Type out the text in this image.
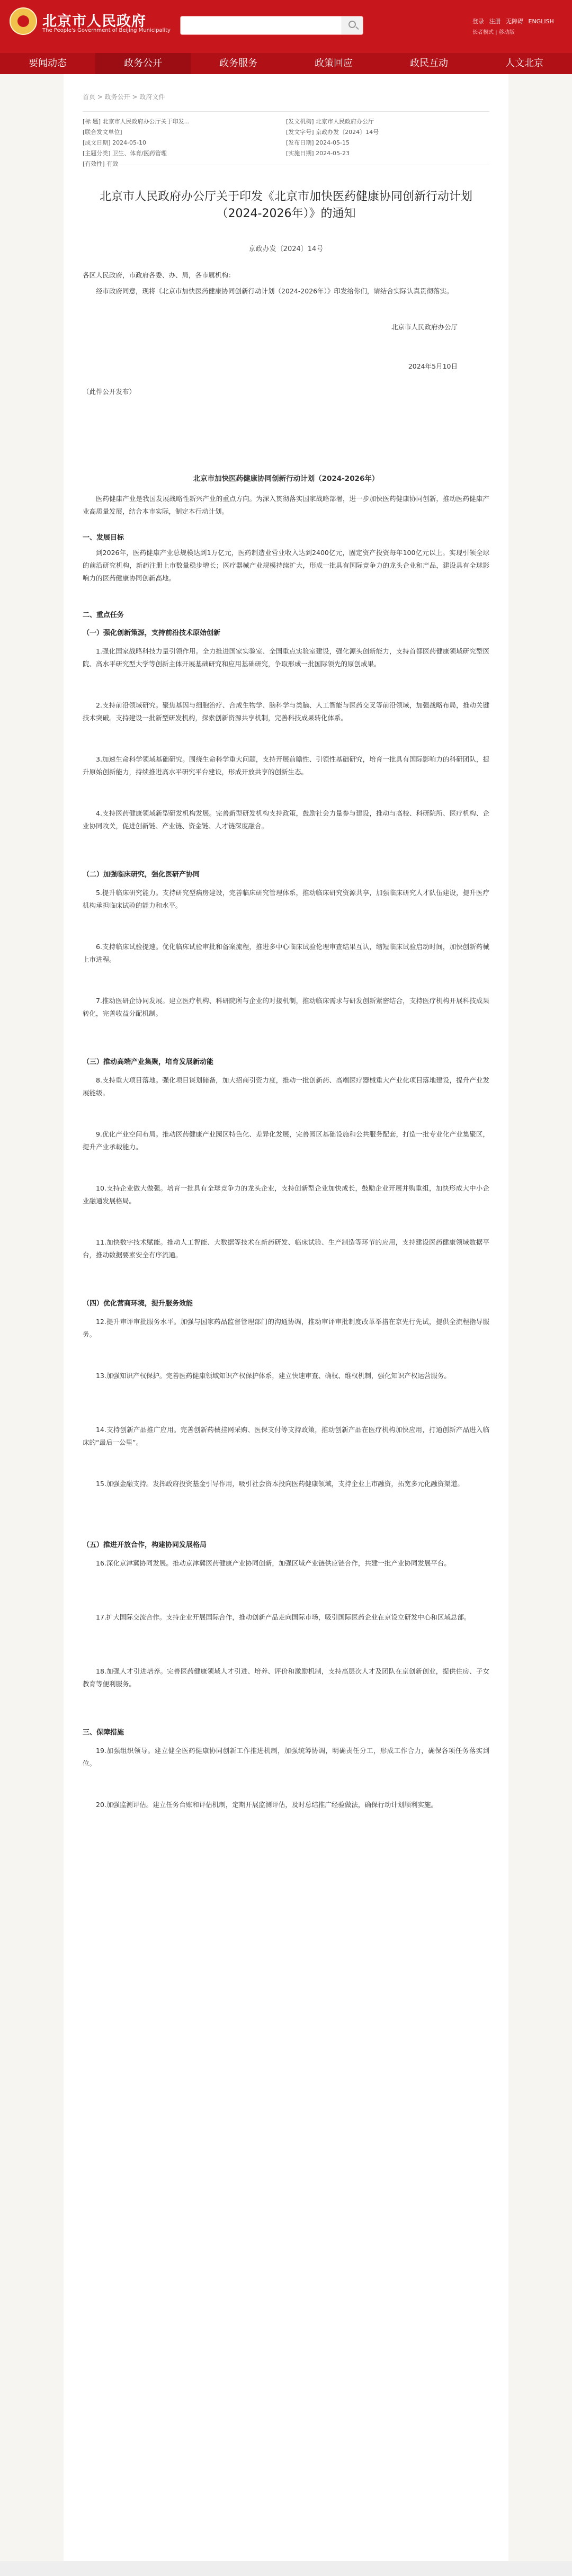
北京市人民政府
The People's Government of Beijing Municipality
登录 注册 无障碍 ENGLISH
长者模式 | 移动版
要闻动态	政务公开	政务服务	政策回应	政民互动	人文北京
首页 > 政务公开 > 政府文件
[标 题] 北京市人民政府办公厅关于印发...	[发文机构] 北京市人民政府办公厅
[联合发文单位]	[发文字号] 京政办发〔2024〕14号
[成文日期] 2024-05-10	[发布日期] 2024-05-15
[主题分类] 卫生、体育/医药管理	[实施日期] 2024-05-23
[有效性] 有效
北京市人民政府办公厅关于印发《北京市加快医药健康协同创新行动计划（2024-2026年）》的通知
京政办发〔2024〕14号
各区人民政府，市政府各委、办、局，各市属机构：
经市政府同意，现将《北京市加快医药健康协同创新行动计划（2024-2026年）》印发给你们，请结合实际认真贯彻落实。
北京市人民政府办公厅
2024年5月10日
（此件公开发布）
北京市加快医药健康协同创新行动计划（2024-2026年）
医药健康产业是我国发展战略性新兴产业的重点方向。为深入贯彻落实国家战略部署，进一步加快医药健康协同创新，推动医药健康产业高质量发展，结合本市实际，制定本行动计划。
一、发展目标
到2026年，医药健康产业总规模达到1万亿元，医药制造业营业收入达到2400亿元，固定资产投资每年100亿元以上。实现引领全球的前沿研究机构，新药注册上市数量稳步增长；医疗器械产业规模持续扩大，形成一批具有国际竞争力的龙头企业和产品，建设具有全球影响力的医药健康协同创新高地。
二、重点任务
（一）强化创新策源，支持前沿技术原始创新
1.强化国家战略科技力量引领作用。全力推进国家实验室、全国重点实验室建设，强化源头创新能力，支持首都医药健康领域研究型医院、高水平研究型大学等创新主体开展基础研究和应用基础研究，争取形成一批国际领先的原创成果。
2.支持前沿领域研究。聚焦基因与细胞治疗、合成生物学、脑科学与类脑、人工智能与医药交叉等前沿领域，加强战略布局，推动关键技术突破。支持建设一批新型研发机构，探索创新资源共享机制，完善科技成果转化体系。
3.加速生命科学领域基础研究。围绕生命科学重大问题，支持开展前瞻性、引领性基础研究，培育一批具有国际影响力的科研团队，提升原始创新能力，持续推进高水平研究平台建设，形成开放共享的创新生态。
4.支持医药健康领域新型研发机构发展。完善新型研发机构支持政策，鼓励社会力量参与建设，推动与高校、科研院所、医疗机构、企业协同攻关，促进创新链、产业链、资金链、人才链深度融合。
（二）加强临床研究，强化医研产协同
5.提升临床研究能力。支持研究型病房建设，完善临床研究管理体系，推动临床研究资源共享，加强临床研究人才队伍建设，提升医疗机构承担临床试验的能力和水平。
6.支持临床试验提速。优化临床试验审批和备案流程，推进多中心临床试验伦理审查结果互认，缩短临床试验启动时间，加快创新药械上市进程。
7.推动医研企协同发展。建立医疗机构、科研院所与企业的对接机制，推动临床需求与研发创新紧密结合，支持医疗机构开展科技成果转化，完善收益分配机制。
（三）推动高端产业集聚，培育发展新动能
8.支持重大项目落地。强化项目谋划储备，加大招商引资力度，推动一批创新药、高端医疗器械重大产业化项目落地建设，提升产业发展能级。
9.优化产业空间布局。推动医药健康产业园区特色化、差异化发展，完善园区基础设施和公共服务配套，打造一批专业化产业集聚区，提升产业承载能力。
10.支持企业做大做强。培育一批具有全球竞争力的龙头企业，支持创新型企业加快成长，鼓励企业开展并购重组，加快形成大中小企业融通发展格局。
11.加快数字技术赋能。推动人工智能、大数据等技术在新药研发、临床试验、生产制造等环节的应用，支持建设医药健康领域数据平台，推动数据要素安全有序流通。
（四）优化营商环境，提升服务效能
12.提升审评审批服务水平。加强与国家药品监督管理部门的沟通协调，推动审评审批制度改革举措在京先行先试，提供全流程指导服务。
13.加强知识产权保护。完善医药健康领域知识产权保护体系，建立快速审查、确权、维权机制，强化知识产权运营服务。
14.支持创新产品推广应用。完善创新药械挂网采购、医保支付等支持政策，推动创新产品在医疗机构加快应用，打通创新产品进入临床的“最后一公里”。
15.加强金融支持。发挥政府投资基金引导作用，吸引社会资本投向医药健康领域，支持企业上市融资，拓宽多元化融资渠道。
（五）推进开放合作，构建协同发展格局
16.深化京津冀协同发展。推动京津冀医药健康产业协同创新，加强区域产业链供应链合作，共建一批产业协同发展平台。
17.扩大国际交流合作。支持企业开展国际合作，推动创新产品走向国际市场，吸引国际医药企业在京设立研发中心和区域总部。
18.加强人才引进培养。完善医药健康领域人才引进、培养、评价和激励机制，支持高层次人才及团队在京创新创业，提供住房、子女教育等便利服务。
三、保障措施
19.加强组织领导。建立健全医药健康协同创新工作推进机制，加强统筹协调，明确责任分工，形成工作合力，确保各项任务落实到位。
20.加强监测评估。建立任务台账和评估机制，定期开展监测评估，及时总结推广经验做法，确保行动计划顺利实施。
